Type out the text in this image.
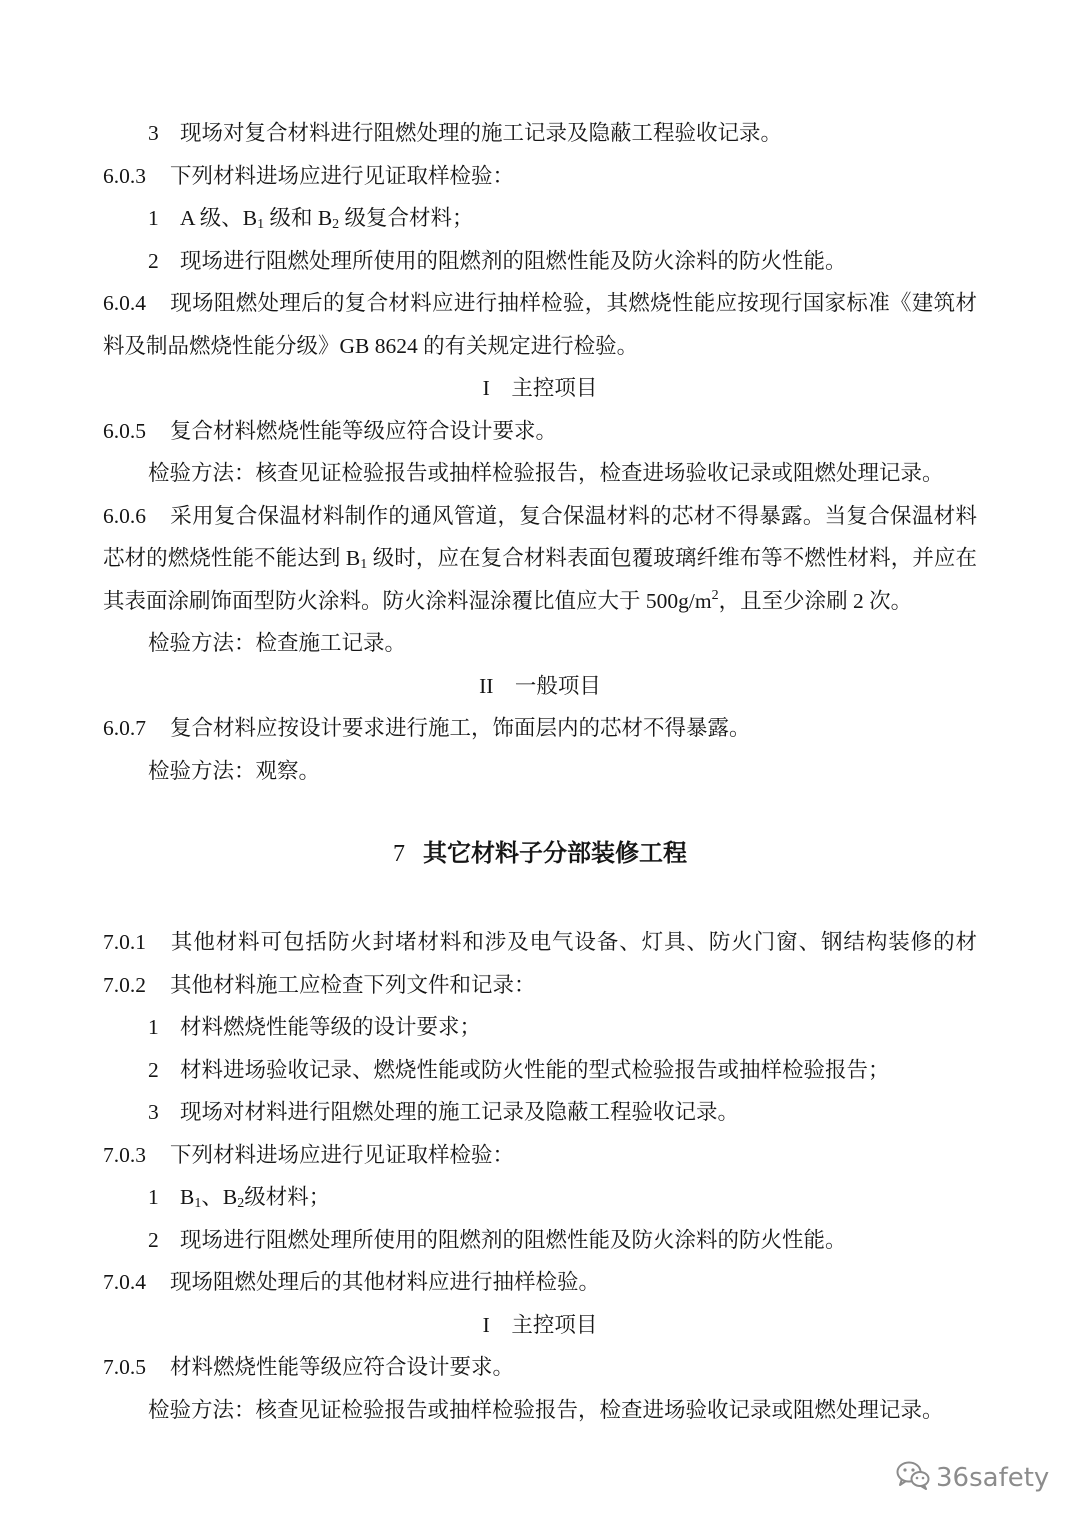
3 现场对复合材料进行阻燃处理的施工记录及隐蔽工程验收记录。
6.0.3 下列材料进场应进行见证取样检验：
1 A 级、$B_1$ 级和 $B_2$ 级复合材料；
2 现场进行阻燃处理所使用的阻燃剂的阻燃性能及防火涂料的防火性能。
6.0.4 现场阻燃处理后的复合材料应进行抽样检验，其燃烧性能应按现行国家标准《建筑材
料及制品燃烧性能分级》GB 8624 的有关规定进行检验。
I　主控项目
6.0.5 复合材料燃烧性能等级应符合设计要求。
检验方法：核查见证检验报告或抽样检验报告，检查进场验收记录或阻燃处理记录。
6.0.6 采用复合保温材料制作的通风管道，复合保温材料的芯材不得暴露。当复合保温材料
芯材的燃烧性能不能达到 $B_1$ 级时，应在复合材料表面包覆玻璃纤维布等不燃性材料，并应在
其表面涂刷饰面型防火涂料。防火涂料湿涂覆比值应大于 $500g/m^2$，且至少涂刷 2 次。
检验方法：检查施工记录。
II　一般项目
6.0.7 复合材料应按设计要求进行施工，饰面层内的芯材不得暴露。
检验方法：观察。
7 其它材料子分部装修工程
7.0.1 其他材料可包括防火封堵材料和涉及电气设备、灯具、防火门窗、钢结构装修的材
7.0.2 其他材料施工应检查下列文件和记录：
1 材料燃烧性能等级的设计要求；
2 材料进场验收记录、燃烧性能或防火性能的型式检验报告或抽样检验报告；
3 现场对材料进行阻燃处理的施工记录及隐蔽工程验收记录。
7.0.3 下列材料进场应进行见证取样检验：
1 $B_1$、$B_2$级材料；
2 现场进行阻燃处理所使用的阻燃剂的阻燃性能及防火涂料的防火性能。
7.0.4 现场阻燃处理后的其他材料应进行抽样检验。
I　主控项目
7.0.5 材料燃烧性能等级应符合设计要求。
检验方法：核查见证检验报告或抽样检验报告，检查进场验收记录或阻燃处理记录。
36safety
